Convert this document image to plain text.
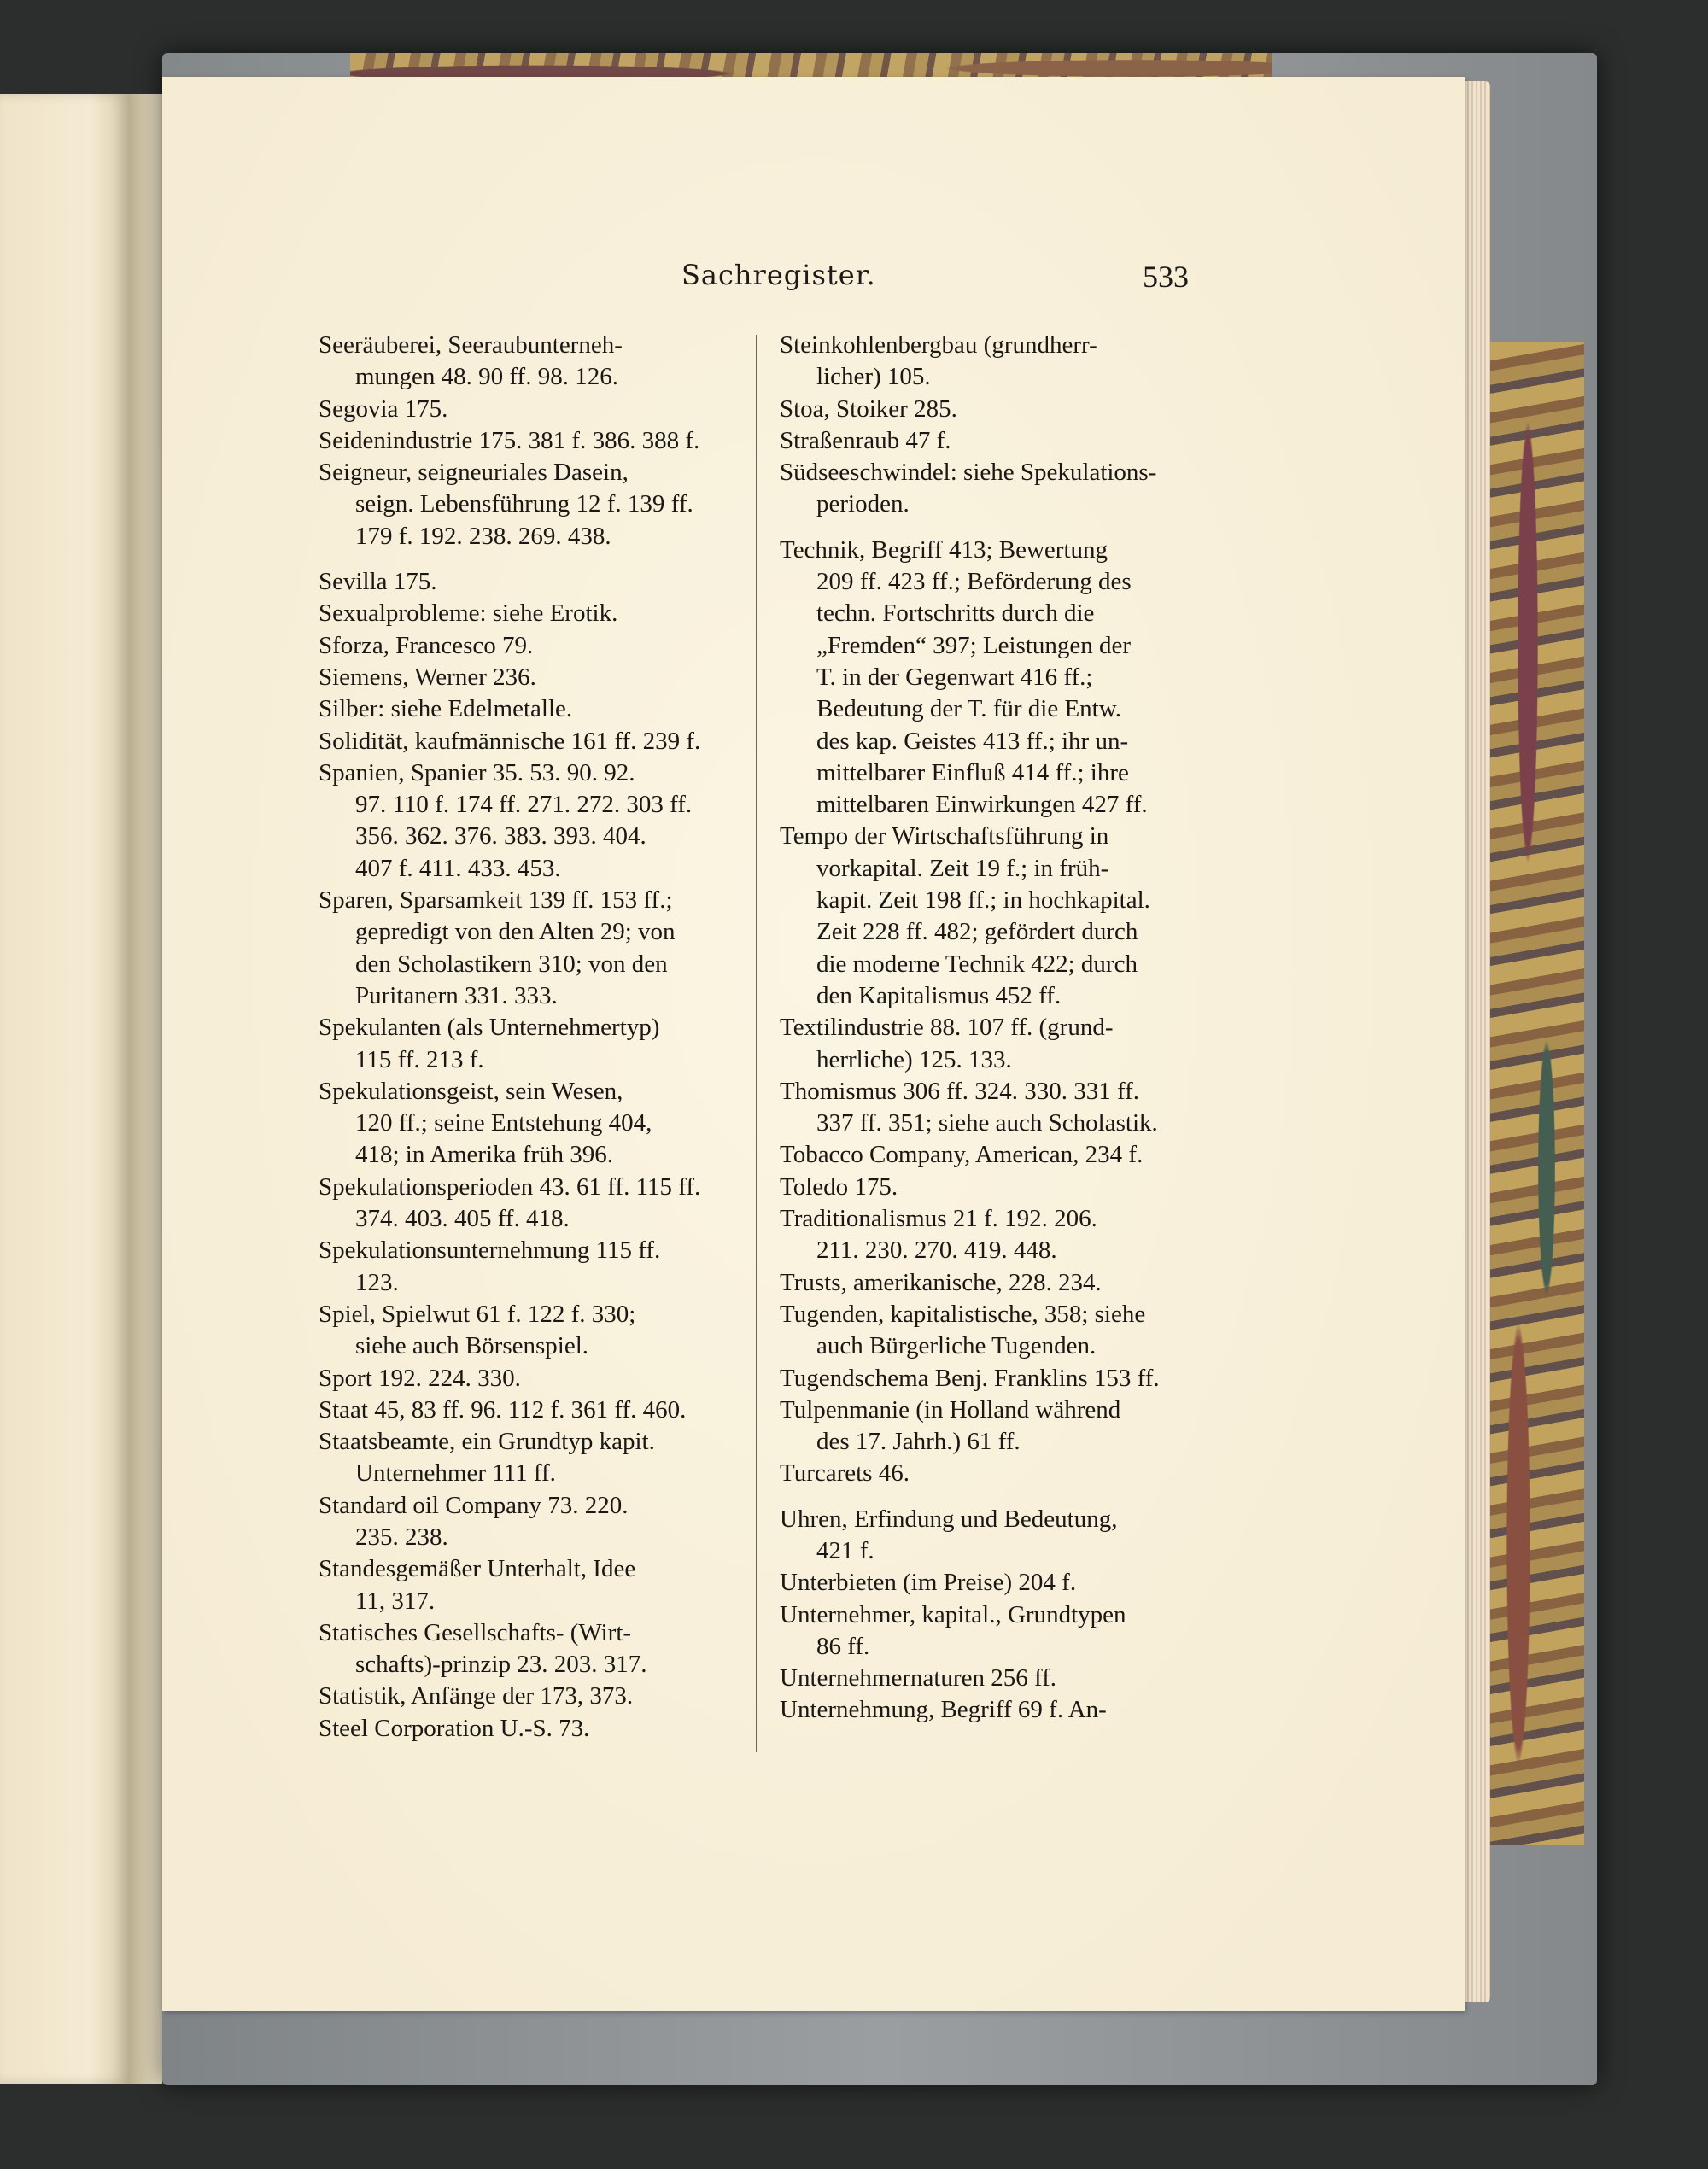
Sachregister.	533
Seeräuberei, Seeraubunterneh-
mungen 48. 90 ff. 98. 126.
Segovia 175.
Seidenindustrie 175. 381 f. 386. 388 f.
Seigneur, seigneuriales Dasein,
seign. Lebensführung 12 f. 139 ff.
179 f. 192. 238. 269. 438.
Sevilla 175.
Sexualprobleme: siehe Erotik.
Sforza, Francesco 79.
Siemens, Werner 236.
Silber: siehe Edelmetalle.
Solidität, kaufmännische 161 ff. 239 f.
Spanien, Spanier 35. 53. 90. 92.
97. 110 f. 174 ff. 271. 272. 303 ff.
356. 362. 376. 383. 393. 404.
407 f. 411. 433. 453.
Sparen, Sparsamkeit 139 ff. 153 ff.;
gepredigt von den Alten 29; von
den Scholastikern 310; von den
Puritanern 331. 333.
Spekulanten (als Unternehmertyp)
115 ff. 213 f.
Spekulationsgeist, sein Wesen,
120 ff.; seine Entstehung 404,
418; in Amerika früh 396.
Spekulationsperioden 43. 61 ff. 115 ff.
374. 403. 405 ff. 418.
Spekulationsunternehmung 115 ff.
123.
Spiel, Spielwut 61 f. 122 f. 330;
siehe auch Börsenspiel.
Sport 192. 224. 330.
Staat 45, 83 ff. 96. 112 f. 361 ff. 460.
Staatsbeamte, ein Grundtyp kapit.
Unternehmer 111 ff.
Standard oil Company 73. 220.
235. 238.
Standesgemäßer Unterhalt, Idee
11, 317.
Statisches Gesellschafts- (Wirt-
schafts)-prinzip 23. 203. 317.
Statistik, Anfänge der 173, 373.
Steel Corporation U.-S. 73.
Steinkohlenbergbau (grundherr-
licher) 105.
Stoa, Stoiker 285.
Straßenraub 47 f.
Südseeschwindel: siehe Spekulations-
perioden.
Technik, Begriff 413; Bewertung
209 ff. 423 ff.; Beförderung des
techn. Fortschritts durch die
„Fremden“ 397; Leistungen der
T. in der Gegenwart 416 ff.;
Bedeutung der T. für die Entw.
des kap. Geistes 413 ff.; ihr un-
mittelbarer Einfluß 414 ff.; ihre
mittelbaren Einwirkungen 427 ff.
Tempo der Wirtschaftsführung in
vorkapital. Zeit 19 f.; in früh-
kapit. Zeit 198 ff.; in hochkapital.
Zeit 228 ff. 482; gefördert durch
die moderne Technik 422; durch
den Kapitalismus 452 ff.
Textilindustrie 88. 107 ff. (grund-
herrliche) 125. 133.
Thomismus 306 ff. 324. 330. 331 ff.
337 ff. 351; siehe auch Scholastik.
Tobacco Company, American, 234 f.
Toledo 175.
Traditionalismus 21 f. 192. 206.
211. 230. 270. 419. 448.
Trusts, amerikanische, 228. 234.
Tugenden, kapitalistische, 358; siehe
auch Bürgerliche Tugenden.
Tugendschema Benj. Franklins 153 ff.
Tulpenmanie (in Holland während
des 17. Jahrh.) 61 ff.
Turcarets 46.
Uhren, Erfindung und Bedeutung,
421 f.
Unterbieten (im Preise) 204 f.
Unternehmer, kapital., Grundtypen
86 ff.
Unternehmernaturen 256 ff.
Unternehmung, Begriff 69 f. An-
